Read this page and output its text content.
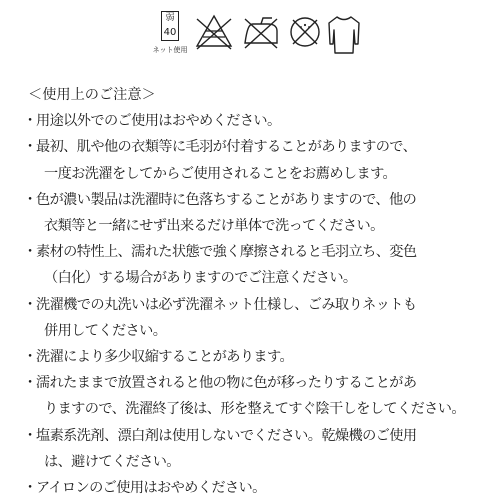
弱
40
ネット使用
＜使用上のご注意＞
・
用途以外でのご使用はおやめください。
・
最初、肌や他の衣類等に毛羽が付着することがありますので、
一度お洗濯をしてからご使用されることをお薦めします。
・
色が濃い製品は洗濯時に色落ちすることがありますので、他の
衣類等と一緒にせず出来るだけ単体で洗ってください。
・
素材の特性上、濡れた状態で強く摩擦されると毛羽立ち、変色
（白化）する場合がありますのでご注意ください。
・
洗濯機での丸洗いは必ず洗濯ネット仕様し、ごみ取りネットも
併用してください。
・
洗濯により多少収縮することがあります。
・
濡れたままで放置されると他の物に色が移ったりすることがあ
りますので、洗濯終了後は、形を整えてすぐ陰干しをしてください。
・
塩素系洗剤、漂白剤は使用しないでください。乾燥機のご使用
は、避けてください。
・
アイロンのご使用はおやめください。
